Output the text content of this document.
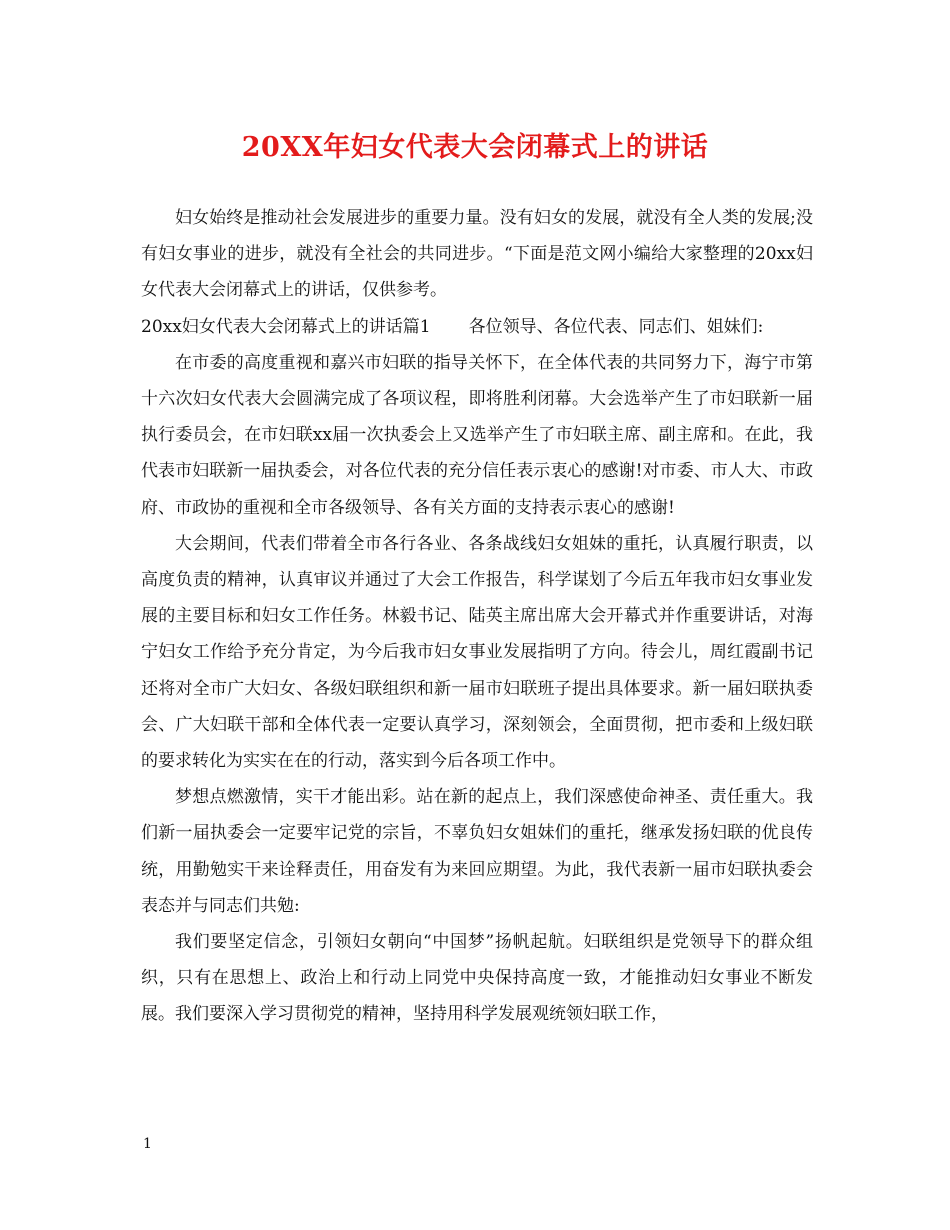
20XX年妇女代表大会闭幕式上的讲话

妇女始终是推动社会发展进步的重要力量。没有妇女的发展，就没有全人类的发展;没有妇女事业的进步，就没有全社会的共同进步。“下面是范文网小编给大家整理的20xx妇女代表大会闭幕式上的讲话，仅供参考。

20xx妇女代表大会闭幕式上的讲话篇1 各位领导、各位代表、同志们、姐妹们:

在市委的高度重视和嘉兴市妇联的指导关怀下，在全体代表的共同努力下，海宁市第十六次妇女代表大会圆满完成了各项议程，即将胜利闭幕。大会选举产生了市妇联新一届执行委员会，在市妇联xx届一次执委会上又选举产生了市妇联主席、副主席和。在此，我代表市妇联新一届执委会，对各位代表的充分信任表示衷心的感谢!对市委、市人大、市政府、市政协的重视和全市各级领导、各有关方面的支持表示衷心的感谢!

大会期间，代表们带着全市各行各业、各条战线妇女姐妹的重托，认真履行职责，以高度负责的精神，认真审议并通过了大会工作报告，科学谋划了今后五年我市妇女事业发展的主要目标和妇女工作任务。林毅书记、陆英主席出席大会开幕式并作重要讲话，对海宁妇女工作给予充分肯定，为今后我市妇女事业发展指明了方向。待会儿，周红霞副书记还将对全市广大妇女、各级妇联组织和新一届市妇联班子提出具体要求。新一届妇联执委会、广大妇联干部和全体代表一定要认真学习，深刻领会，全面贯彻，把市委和上级妇联的要求转化为实实在在的行动，落实到今后各项工作中。

梦想点燃激情，实干才能出彩。站在新的起点上，我们深感使命神圣、责任重大。我们新一届执委会一定要牢记党的宗旨，不辜负妇女姐妹们的重托，继承发扬妇联的优良传统，用勤勉实干来诠释责任，用奋发有为来回应期望。为此，我代表新一届市妇联执委会表态并与同志们共勉:

我们要坚定信念，引领妇女朝向“中国梦”扬帆起航。妇联组织是党领导下的群众组织，只有在思想上、政治上和行动上同党中央保持高度一致，才能推动妇女事业不断发展。我们要深入学习贯彻党的精神，坚持用科学发展观统领妇联工作，

1
